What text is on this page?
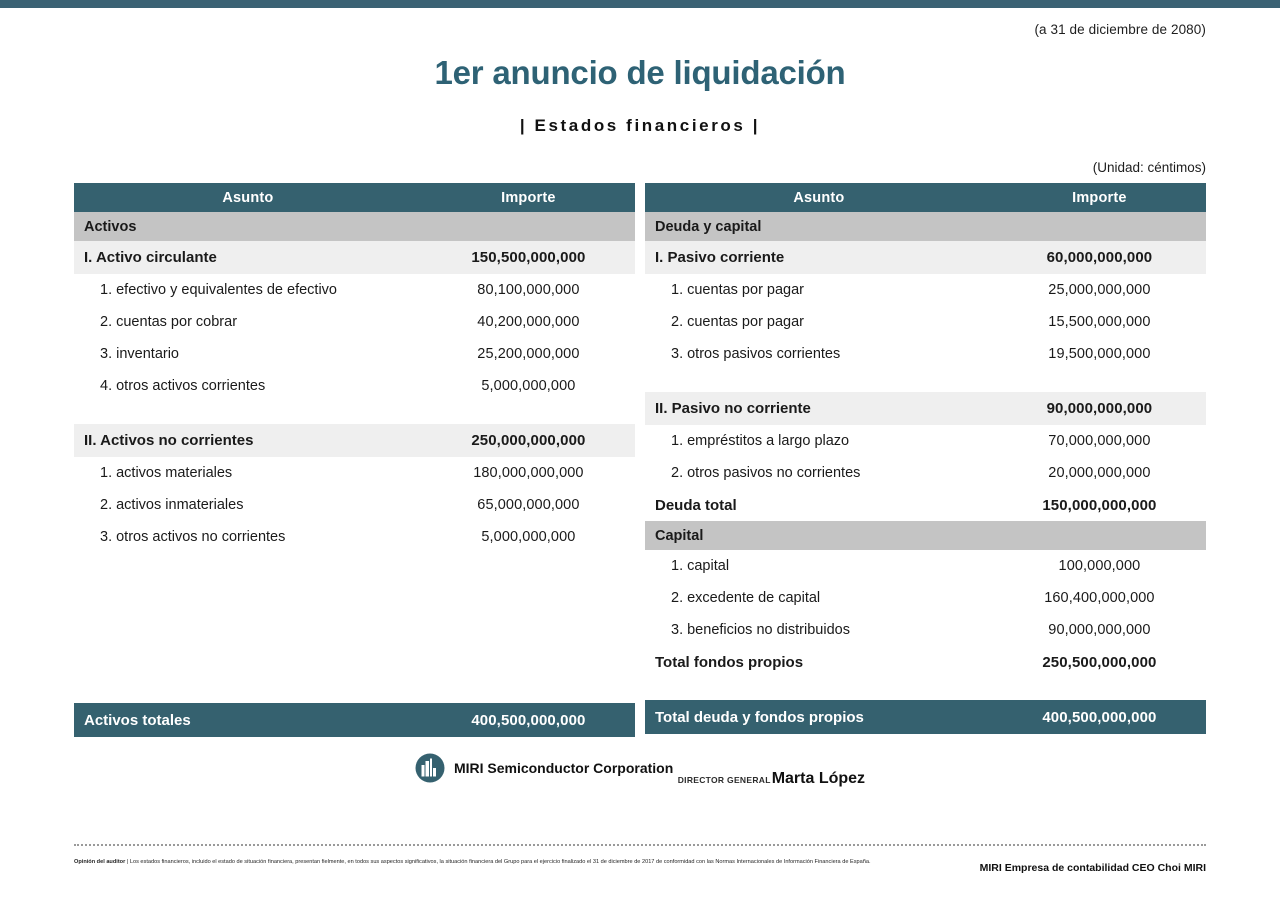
(a 31 de diciembre de 2080)
1er anuncio de liquidación
| Estados financieros |
(Unidad: céntimos)
Asunto	Importe
Activos	
I. Activo circulante	150,500,000,000
1. efectivo y equivalentes de efectivo	80,100,000,000
2. cuentas por cobrar	40,200,000,000
3. inventario	25,200,000,000
4. otros activos corrientes	5,000,000,000

II. Activos no corrientes	250,000,000,000
1. activos materiales	180,000,000,000
2. activos inmateriales	65,000,000,000
3. otros activos no corrientes	5,000,000,000

Activos totales	400,500,000,000
Asunto	Importe
Deuda y capital	
I. Pasivo corriente	60,000,000,000
1. cuentas por pagar	25,000,000,000
2. cuentas por pagar	15,500,000,000
3. otros pasivos corrientes	19,500,000,000

II. Pasivo no corriente	90,000,000,000
1. empréstitos a largo plazo	70,000,000,000
2. otros pasivos no corrientes	20,000,000,000
Deuda total	150,000,000,000
Capital	
1. capital	100,000,000
2. excedente de capital	160,400,000,000
3. beneficios no distribuidos	90,000,000,000
Total fondos propios	250,500,000,000

Total deuda y fondos propios	400,500,000,000
MIRI Semiconductor Corporation

DIRECTOR GENERAL Marta López
Opinión del auditor | Los estados financieros, incluido el estado de situación financiera, presentan fielmente, en todos sus aspectos significativos, la situación financiera del Grupo para el ejercicio finalizado el 31 de diciembre de 2017 de conformidad con las Normas Internacionales de Información Financiera de España.	MIRI Empresa de contabilidad CEO Choi MIRI
